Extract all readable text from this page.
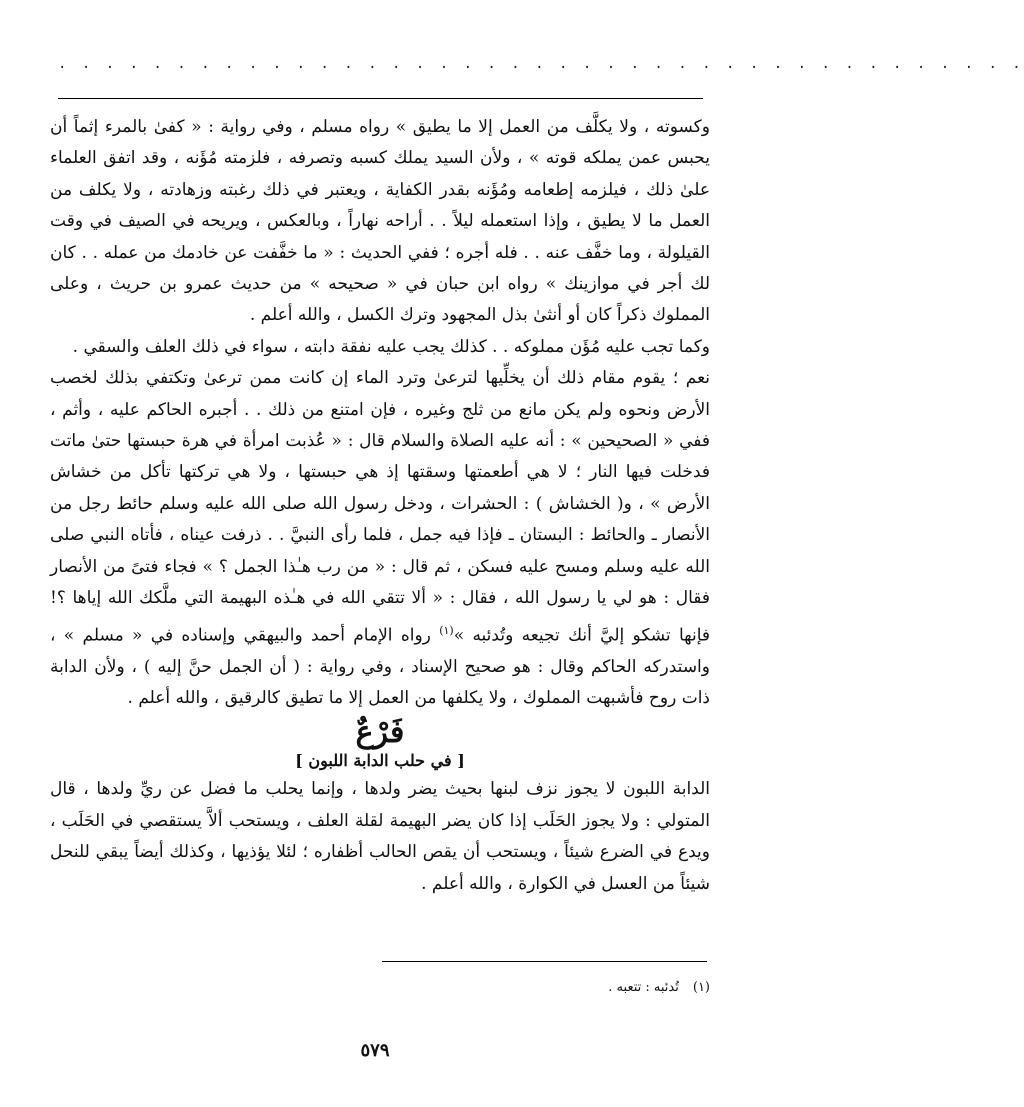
· · · · · · · · · · · · · · · · · · · · · · · · · · · · · · · · · · · · · · · · ·

وكسوته ، ولا يكلَّف من العمل إلا ما يطيق » رواه مسلم ، وفي رواية : « كفىٰ بالمرء إثماً أن يحبس عمن يملكه قوته » ، ولأن السيد يملك كسبه وتصرفه ، فلزمته مُؤَنه ، وقد اتفق العلماء علىٰ ذلك ، فيلزمه إطعامه ومُؤَنه بقدر الكفاية ، ويعتبر في ذلك رغبته وزهادته ، ولا يكلف من العمل ما لا يطيق ، وإذا استعمله ليلاً . . أراحه نهاراً ، وبالعكس ، ويريحه في الصيف في وقت القيلولة ، وما خفَّف عنه . . فله أجره ؛ ففي الحديث : « ما خفَّفت عن خادمك من عمله . . كان لك أجر في موازينك » رواه ابن حبان في « صحيحه » من حديث عمرو بن حريث ، وعلى المملوك ذكراً كان أو أنثىٰ بذل المجهود وترك الكسل ، والله أعلم .

وكما تجب عليه مُؤَن مملوكه . . كذلك يجب عليه نفقة دابته ، سواء في ذلك العلف والسقي .

نعم ؛ يقوم مقام ذلك أن يخلِّيها لترعىٰ وترد الماء إن كانت ممن ترعىٰ وتكتفي بذلك لخصب الأرض ونحوه ولم يكن مانع من ثلج وغيره ، فإن امتنع من ذلك . . أجبره الحاكم عليه ، وأثم ، ففي « الصحيحين » : أنه عليه الصلاة والسلام قال : « عُذبت امرأة في هرة حبستها حتىٰ ماتت فدخلت فيها النار ؛ لا هي أطعمتها وسقتها إذ هي حبستها ، ولا هي تركتها تأكل من خشاش الأرض » ، و( الخشاش ) : الحشرات ، ودخل رسول الله صلى الله عليه وسلم حائط رجل من الأنصار ـ والحائط : البستان ـ فإذا فيه جمل ، فلما رأى النبيَّ . . ذرفت عيناه ، فأتاه النبي صلى الله عليه وسلم ومسح عليه فسكن ، ثم قال : « من رب هـٰذا الجمل ؟ » فجاء فتىً من الأنصار فقال : هو لي يا رسول الله ، فقال : « ألا تتقي الله في هـٰذه البهيمة التي ملَّكك الله إياها ؟! فإنها تشكو إليَّ أنك تجيعه وتُدئبه »$^{(١)}$ رواه الإمام أحمد والبيهقي وإسناده في « مسلم » ، واستدركه الحاكم وقال : هو صحيح الإسناد ، وفي رواية : ( أن الجمل حنَّ إليه ) ، ولأن الدابة ذات روح فأشبهت المملوك ، ولا يكلفها من العمل إلا ما تطيق كالرقيق ، والله أعلم .

فَرْعٌ
[ في حلب الدابة اللبون ]

الدابة اللبون لا يجوز نزف لبنها بحيث يضر ولدها ، وإنما يحلب ما فضل عن ريِّ ولدها ، قال المتولي : ولا يجوز الحَلَب إذا كان يضر البهيمة لقلة العلف ، ويستحب ألاَّ يستقصي في الحَلَب ، ويدع في الضرع شيئاً ، ويستحب أن يقص الحالب أظفاره ؛ لئلا يؤذيها ، وكذلك أيضاً يبقي للنحل شيئاً من العسل في الكوارة ، والله أعلم .

(١)تُدئبه : تتعبه .
٥٧٩
